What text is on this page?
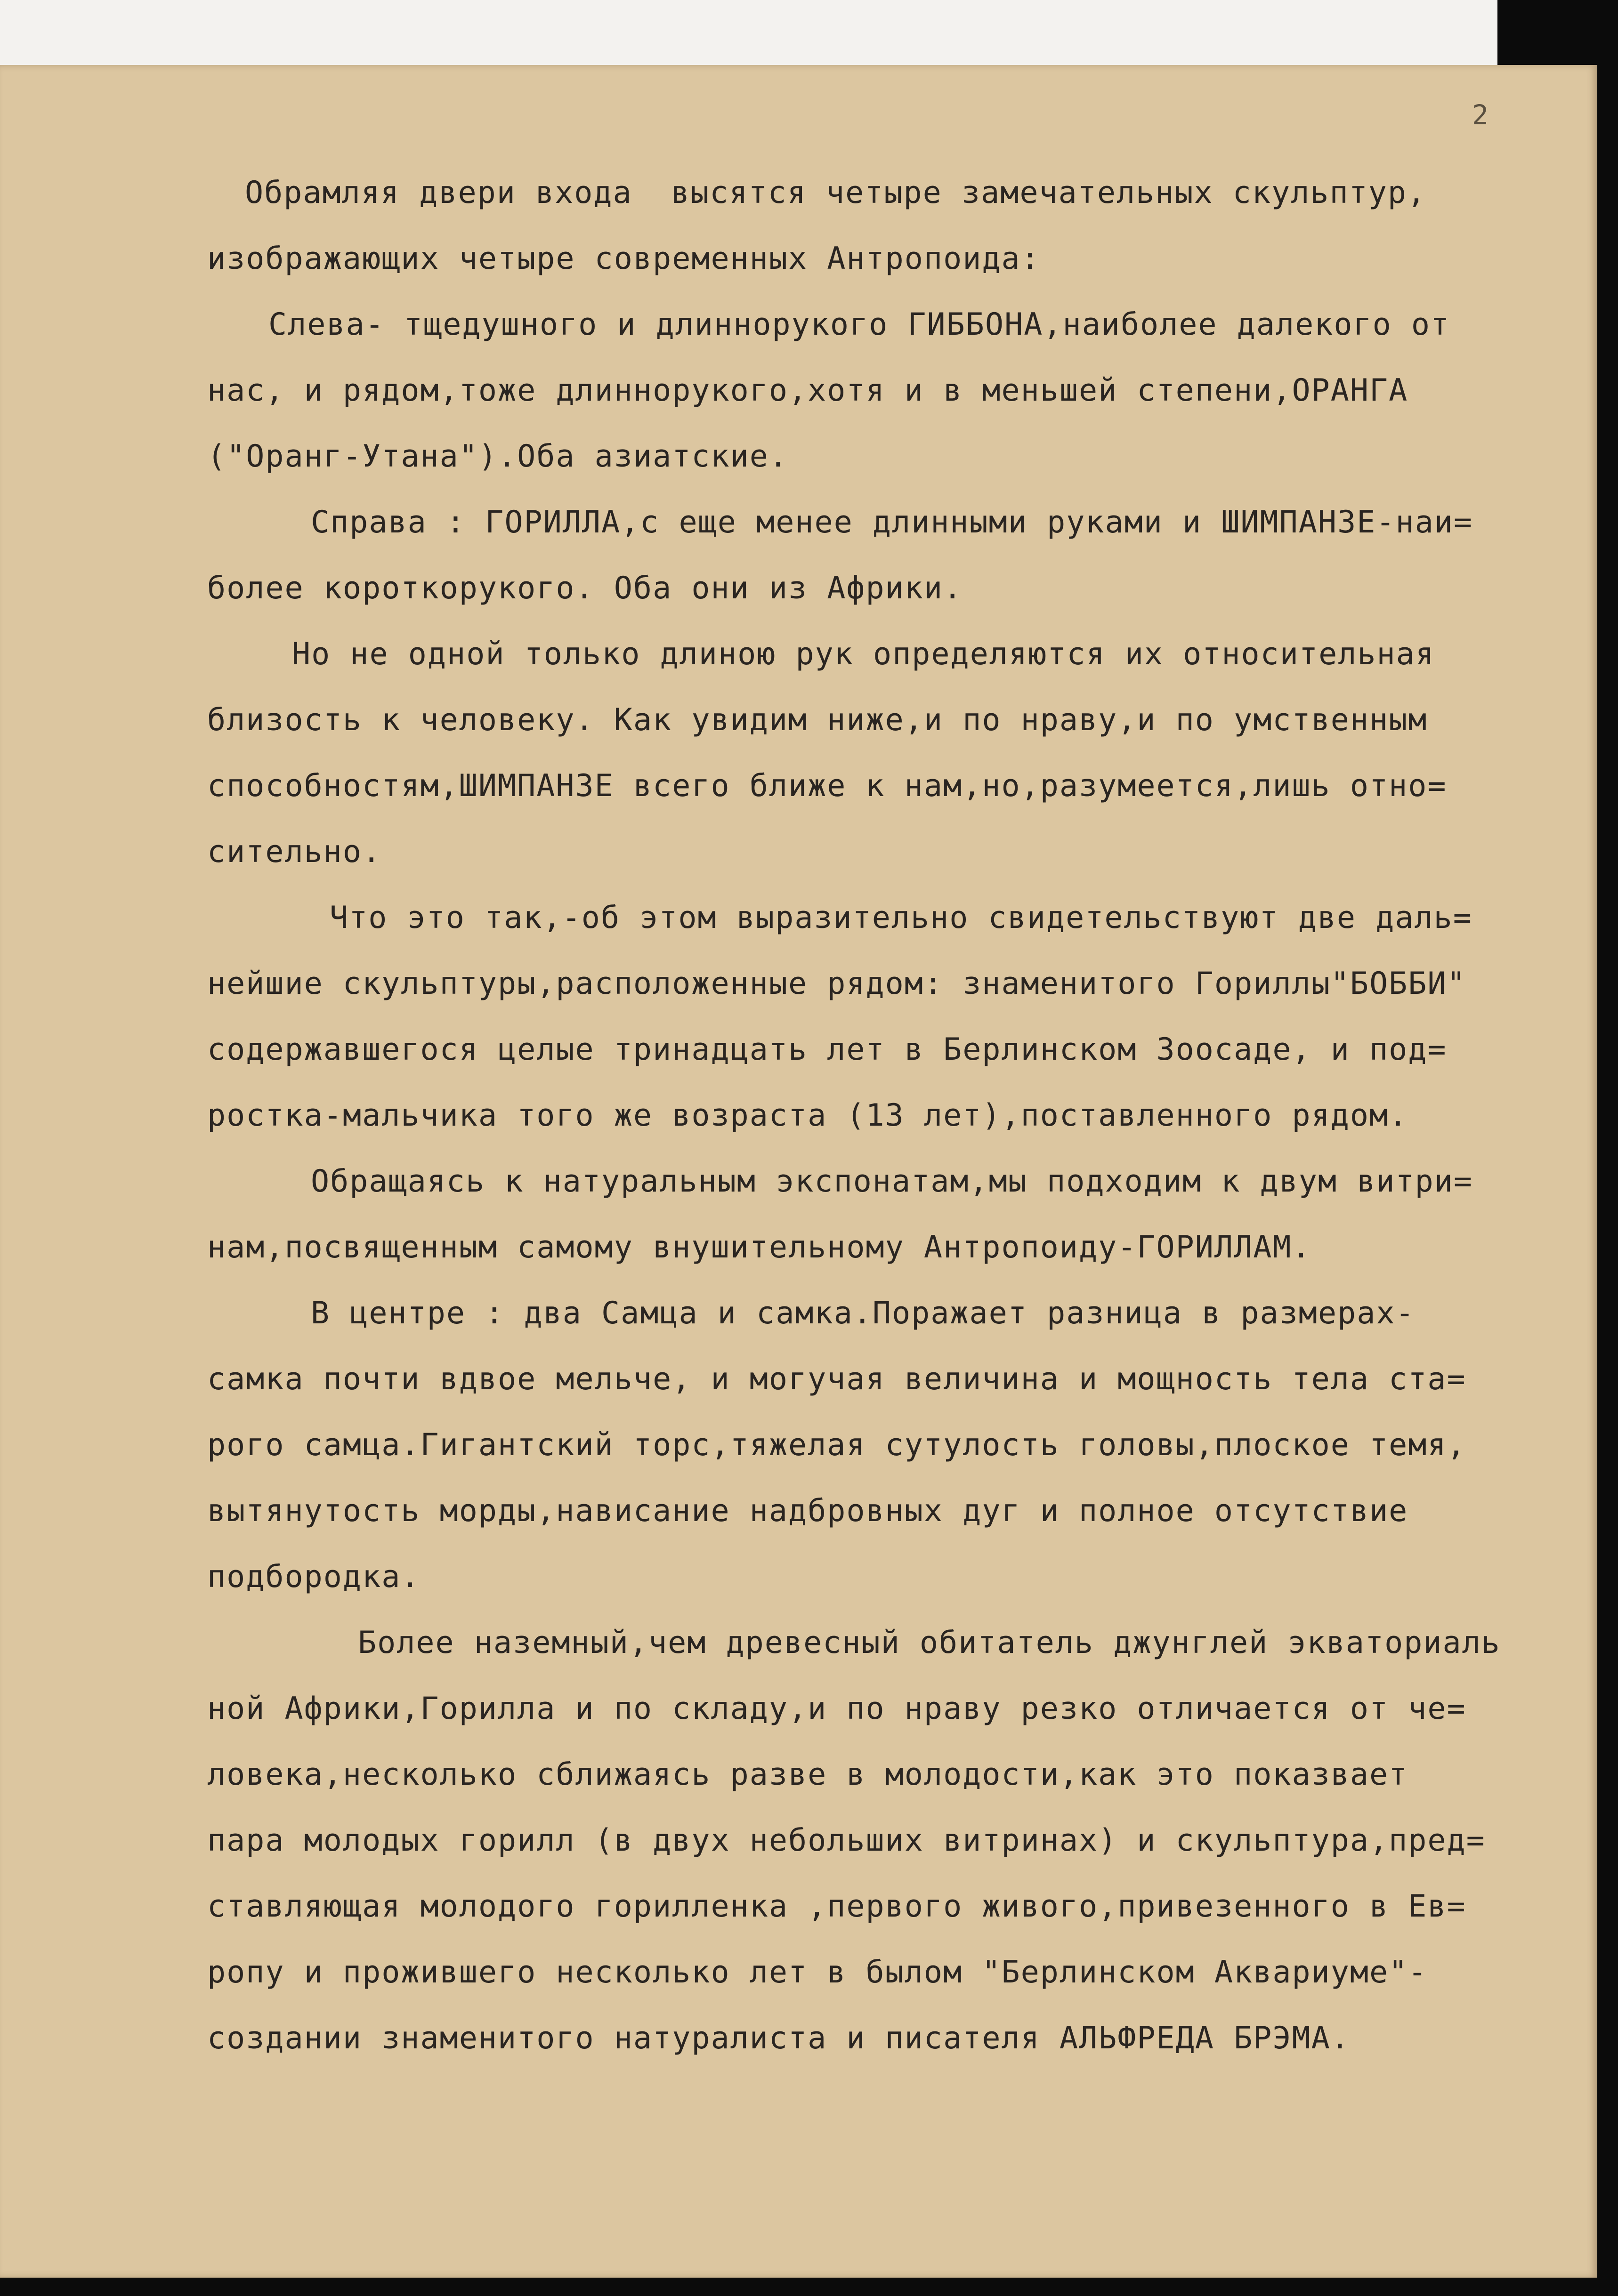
2
Обрамляя двери входа  высятся четыре замечательных скульптур,
изображающих четыре современных Антропоида:
Слева- тщедушного и длиннорукого ГИББОНА,наиболее далекого от
нас, и рядом,тоже длиннорукого,хотя и в меньшей степени,ОРАНГА
("Оранг-Утана").Оба азиатские.
Справа : ГОРИЛЛА,с еще менее длинными руками и ШИМПАНЗЕ-наи=
более короткорукого. Оба они из Африки.
Но не одной только длиною рук определяются их относительная
близость к человеку. Как увидим ниже,и по нраву,и по умственным
способностям,ШИМПАНЗЕ всего ближе к нам,но,разумеется,лишь отно=
сительно.
Что это так,-об этом выразительно свидетельствуют две даль=
нейшие скульптуры,расположенные рядом: знаменитого Гориллы"БОББИ"
содержавшегося целые тринадцать лет в Берлинском Зоосаде, и под=
ростка-мальчика того же возраста (13 лет),поставленного рядом.
Обращаясь к натуральным экспонатам,мы подходим к двум витри=
нам,посвященным самому внушительному Антропоиду-ГОРИЛЛАМ.
В центре : два Самца и самка.Поражает разница в размерах-
самка почти вдвое мельче, и могучая величина и мощность тела ста=
рого самца.Гигантский торс,тяжелая сутулость головы,плоское темя,
вытянутость морды,нависание надбровных дуг и полное отсутствие
подбородка.
Более наземный,чем древесный обитатель джунглей экваториаль
ной Африки,Горилла и по складу,и по нраву резко отличается от че=
ловека,несколько сближаясь разве в молодости,как это показвает
пара молодых горилл (в двух небольших витринах) и скульптура,пред=
ставляющая молодого горилленка ,первого живого,привезенного в Ев=
ропу и прожившего несколько лет в былом "Берлинском Аквариуме"-
создании знаменитого натуралиста и писателя АЛЬФРЕДА БРЭМА.
